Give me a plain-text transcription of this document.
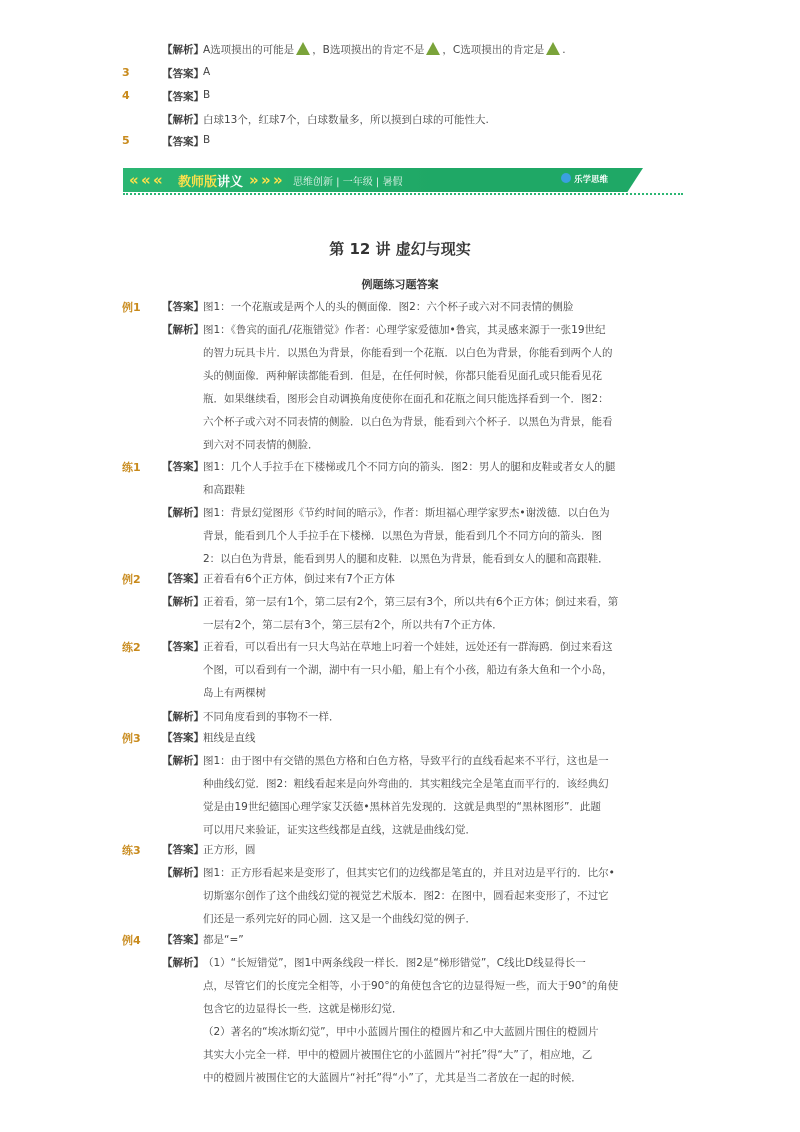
【解析】 A选项摸出的可能是 ，B选项摸出的肯定不是 ，C选项摸出的肯定是 .
3	【答案】 A
4	【答案】 B
【解析】 白球13个，红球7个，白球数量多，所以摸到白球的可能性大.
5	【答案】 B
« « « 教师版讲义 » » » 思维创新 | 一年级 | 暑假	乐学思维
第 12 讲 虚幻与现实
例题练习题答案
例1 【答案】 图1：一个花瓶或是两个人的头的侧面像．图2：六个杯子或六对不同表情的侧脸
【解析】 图1：《鲁宾的面孔/花瓶错觉》作者：心理学家爱德加•鲁宾，其灵感来源于一张19世纪
的智力玩具卡片．以黑色为背景，你能看到一个花瓶．以白色为背景，你能看到两个人的
头的侧面像．两种解读都能看到．但是，在任何时候，你都只能看见面孔或只能看见花
瓶．如果继续看，图形会自动调换角度使你在面孔和花瓶之间只能选择看到一个．图2：
六个杯子或六对不同表情的侧脸．以白色为背景，能看到六个杯子．以黑色为背景，能看
到六对不同表情的侧脸．
练1 【答案】 图1：几个人手拉手在下楼梯或几个不同方向的箭头．图2：男人的腿和皮鞋或者女人的腿
和高跟鞋
【解析】 图1：背景幻觉图形《节约时间的暗示》，作者：斯坦福心理学家罗杰•谢泼德．以白色为
背景，能看到几个人手拉手在下楼梯．以黑色为背景，能看到几个不同方向的箭头．图
2：以白色为背景，能看到男人的腿和皮鞋．以黑色为背景，能看到女人的腿和高跟鞋．
例2 【答案】 正着看有6个正方体，倒过来有7个正方体
【解析】 正着看，第一层有1个，第二层有2个，第三层有3个，所以共有6个正方体；倒过来看，第
一层有2个，第二层有3个，第三层有2个，所以共有7个正方体．
练2 【答案】 正着看，可以看出有一只大鸟站在草地上叼着一个娃娃，远处还有一群海鸥．倒过来看这
个图，可以看到有一个湖，湖中有一只小船，船上有个小孩，船边有条大鱼和一个小岛，
岛上有两棵树
【解析】 不同角度看到的事物不一样．
例3 【答案】 粗线是直线
【解析】 图1：由于图中有交错的黑色方格和白色方格，导致平行的直线看起来不平行，这也是一
种曲线幻觉．图2：粗线看起来是向外弯曲的．其实粗线完全是笔直而平行的．该经典幻
觉是由19世纪德国心理学家艾沃德•黑林首先发现的．这就是典型的“黑林图形”．此题
可以用尺来验证，证实这些线都是直线，这就是曲线幻觉．
练3 【答案】 正方形，圆
【解析】 图1：正方形看起来是变形了，但其实它们的边线都是笔直的，并且对边是平行的．比尔•
切斯塞尔创作了这个曲线幻觉的视觉艺术版本．图2：在图中，圆看起来变形了，不过它
们还是一系列完好的同心圆．这又是一个曲线幻觉的例子．
例4 【答案】 都是“=”
【解析】 （1）“长短错觉”，图1中两条线段一样长．图2是“梯形错觉”，C线比D线显得长一
点，尽管它们的长度完全相等，小于90°的角使包含它的边显得短一些，而大于90°的角使
包含它的边显得长一些．这就是梯形幻觉．
（2）著名的“埃冰斯幻觉”，甲中小蓝圆片围住的橙圆片和乙中大蓝圆片围住的橙圆片
其实大小完全一样．甲中的橙圆片被围住它的小蓝圆片“衬托”得“大”了，相应地，乙
中的橙圆片被围住它的大蓝圆片“衬托”得“小”了，尤其是当二者放在一起的时候．
